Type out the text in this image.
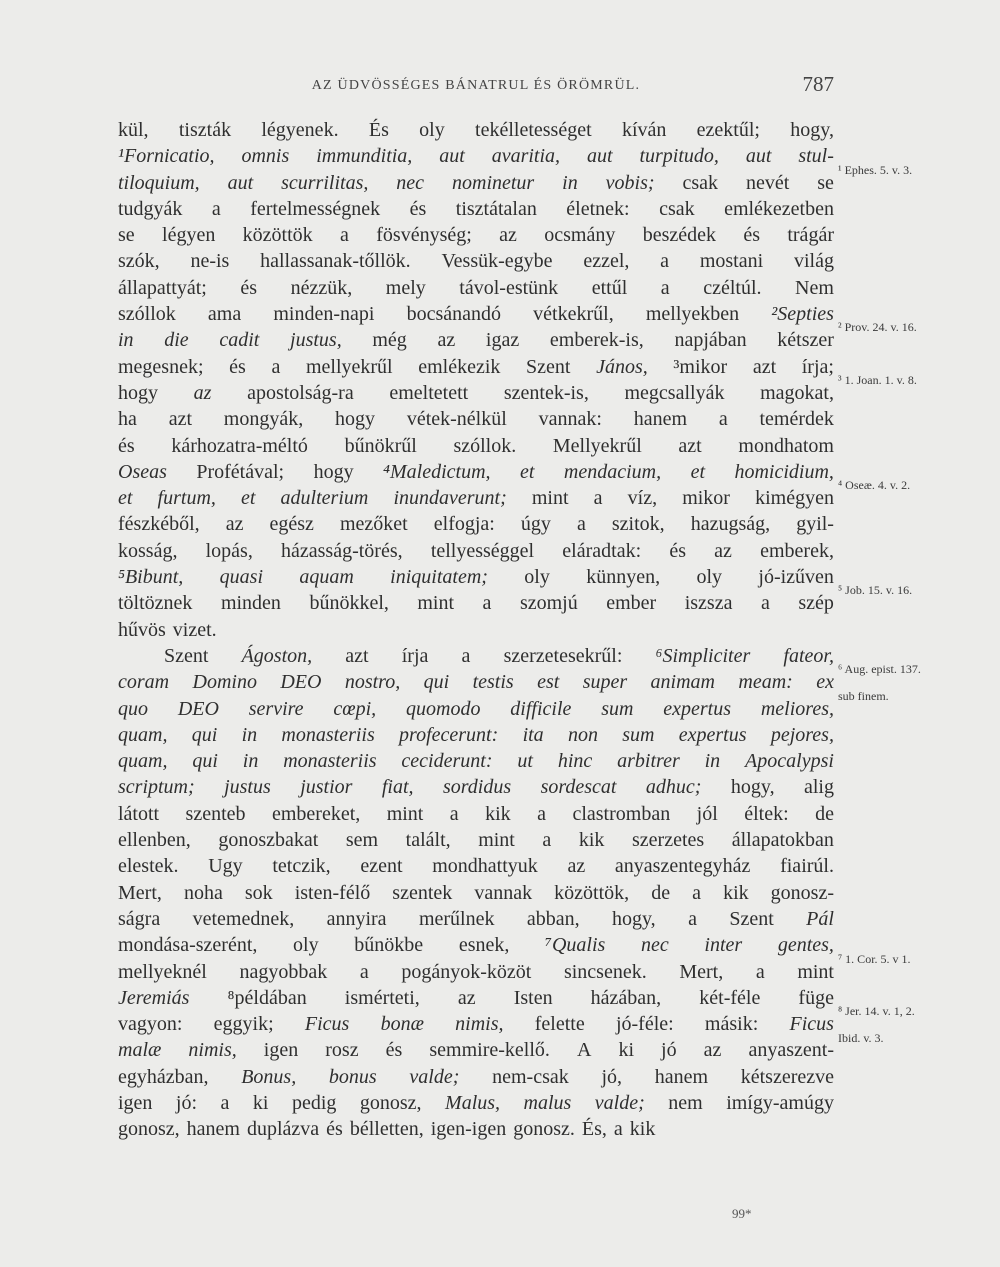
AZ ÜDVÖSSÉGES BÁNATRUL ÉS ÖRÖMRÜL.	787
kül, tiszták légyenek. És oly tekélletességet kíván ezektűl; hogy,
¹Fornicatio, omnis immunditia, aut avaritia, aut turpitudo, aut stul-
tiloquium, aut scurrilitas, nec nominetur in vobis; csak nevét se
tudgyák a fertelmességnek és tisztátalan életnek: csak emlékezetben
se légyen közöttök a fösvénység; az ocsmány beszédek és trágár
szók, ne-is hallassanak-tőllök. Vessük-egybe ezzel, a mostani világ
állapattyát; és nézzük, mely távol-estünk ettűl a czéltúl. Nem
szóllok ama minden-napi bocsánandó vétkekrűl, mellyekben ²Septies
in die cadit justus, még az igaz emberek-is, napjában kétszer
megesnek; és a mellyekrűl emlékezik Szent János, ³mikor azt írja;
hogy az apostolság-ra emeltetett szentek-is, megcsallyák magokat,
ha azt mongyák, hogy vétek-nélkül vannak: hanem a temérdek
és kárhozatra-méltó bűnökrűl szóllok. Mellyekrűl azt mondhatom
Oseas Profétával; hogy ⁴Maledictum, et mendacium, et homicidium,
et furtum, et adulterium inundaverunt; mint a víz, mikor kimégyen
fészkéből, az egész mezőket elfogja: úgy a szitok, hazugság, gyil-
kosság, lopás, házasság-törés, tellyességgel eláradtak: és az emberek,
⁵Bibunt, quasi aquam iniquitatem; oly künnyen, oly jó-izűven
töltöznek minden bűnökkel, mint a szomjú ember iszsza a szép
hűvös vizet.
Szent Ágoston, azt írja a szerzetesekrűl: ⁶Simpliciter fateor,
coram Domino DEO nostro, qui testis est super animam meam: ex
quo DEO servire cœpi, quomodo difficile sum expertus meliores,
quam, qui in monasteriis profecerunt: ita non sum expertus pejores,
quam, qui in monasteriis ceciderunt: ut hinc arbitrer in Apocalypsi
scriptum; justus justior fiat, sordidus sordescat adhuc; hogy, alig
látott szenteb embereket, mint a kik a clastromban jól éltek: de
ellenben, gonoszbakat sem talált, mint a kik szerzetes állapatokban
elestek. Ugy tetczik, ezent mondhattyuk az anyaszentegyház fiairúl.
Mert, noha sok isten-félő szentek vannak közöttök, de a kik gonosz-
ságra vetemednek, annyira merűlnek abban, hogy, a Szent Pál
mondása-szerént, oly bűnökbe esnek, ⁷Qualis nec inter gentes,
mellyeknél nagyobbak a pogányok-közöt sincsenek. Mert, a mint
Jeremiás ⁸példában ismérteti, az Isten házában, két-féle füge
vagyon: eggyik; Ficus bonæ nimis, felette jó-féle: másik: Ficus
malæ nimis, igen rosz és semmire-kellő. A ki jó az anyaszent-
egyházban, Bonus, bonus valde; nem-csak jó, hanem kétszerezve
igen jó: a ki pedig gonosz, Malus, malus valde; nem imígy-amúgy
gonosz, hanem duplázva és bélletten, igen-igen gonosz. És, a kik
¹ Ephes. 5. v. 3.
² Prov. 24. v. 16.
³ 1. Joan. 1. v. 8.
⁴ Oseæ. 4. v. 2.
⁵ Job. 15. v. 16.
⁶ Aug. epist. 137.
sub finem.
⁷ 1. Cor. 5. v 1.
⁸ Jer. 14. v. 1, 2.
Ibid. v. 3.
99*
